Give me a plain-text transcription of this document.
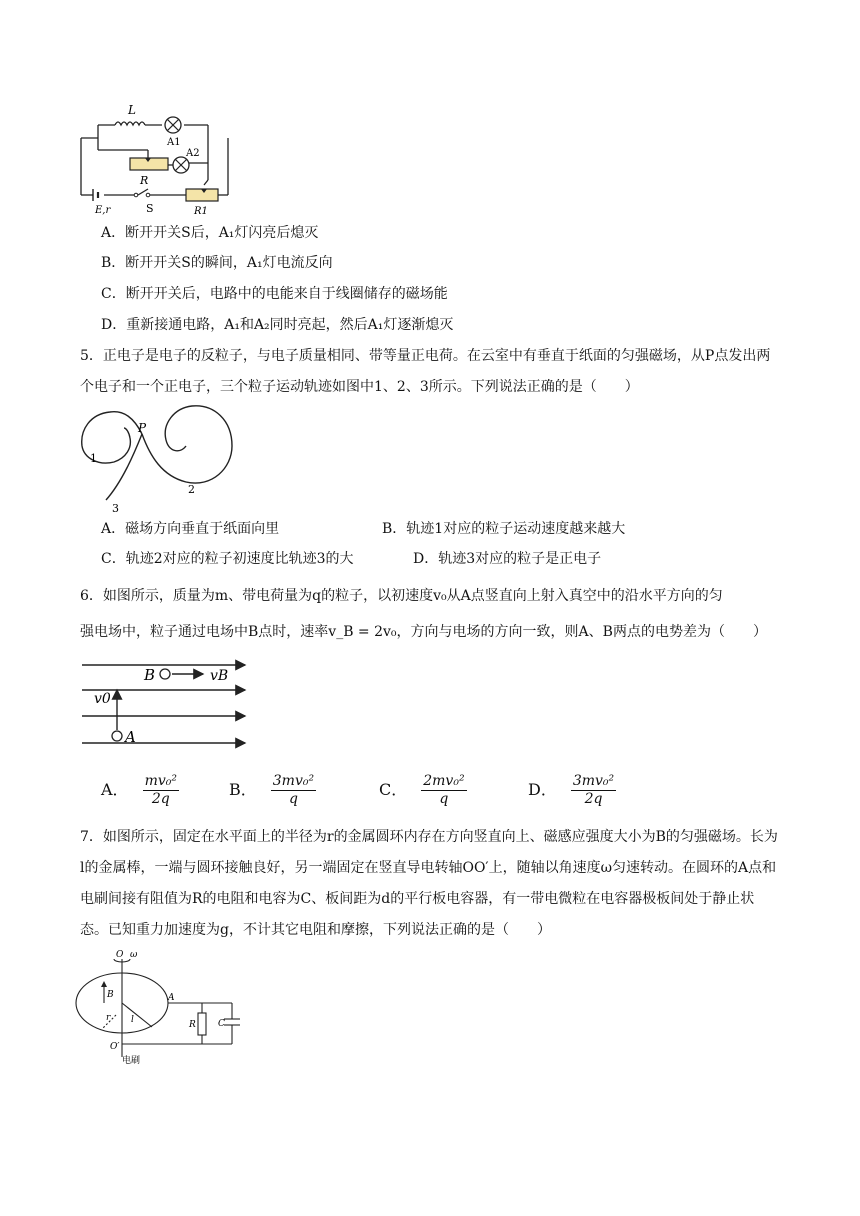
L
A1
A2
R
E,r	S	R1
A．断开开关S后，A₁灯闪亮后熄灭
B．断开开关S的瞬间，A₁灯电流反向
C．断开开关后，电路中的电能来自于线圈储存的磁场能
D．重新接通电路，A₁和A₂同时亮起，然后A₁灯逐渐熄灭
5．正电子是电子的反粒子，与电子质量相同、带等量正电荷。在云室中有垂直于纸面的匀强磁场，从P点发出两个电子和一个正电子，三个粒子运动轨迹如图中1、2、3所示。下列说法正确的是（　　）
P
1
2
3
A．磁场方向垂直于纸面向里	B．轨迹1对应的粒子运动速度越来越大
C．轨迹2对应的粒子初速度比轨迹3的大	D．轨迹3对应的粒子是正电子
6．如图所示，质量为m、带电荷量为q的粒子，以初速度v₀从A点竖直向上射入真空中的沿水平方向的匀
强电场中，粒子通过电场中B点时，速率v_B = 2v₀，方向与电场的方向一致，则A、B两点的电势差为（　　）
B	vB
v0
A
A． $\frac{\text{mv₀²}}{2q}$	B． $\frac{\text{3mv₀²}}{q}$	C． $\frac{\text{2mv₀²}}{q}$	D． $\frac{\text{3mv₀²}}{2q}$
7．如图所示，固定在水平面上的半径为r的金属圆环内存在方向竖直向上、磁感应强度大小为B的匀强磁场。长为l的金属棒，一端与圆环接触良好，另一端固定在竖直导电转轴OO′上，随轴以角速度ω匀速转动。在圆环的A点和电刷间接有阻值为R的电阻和电容为C、板间距为d的平行板电容器，有一带电微粒在电容器极板间处于静止状态。已知重力加速度为g，不计其它电阻和摩擦，下列说法正确的是（　　）
O ω
B	A
r l	R C
O′
电刷
